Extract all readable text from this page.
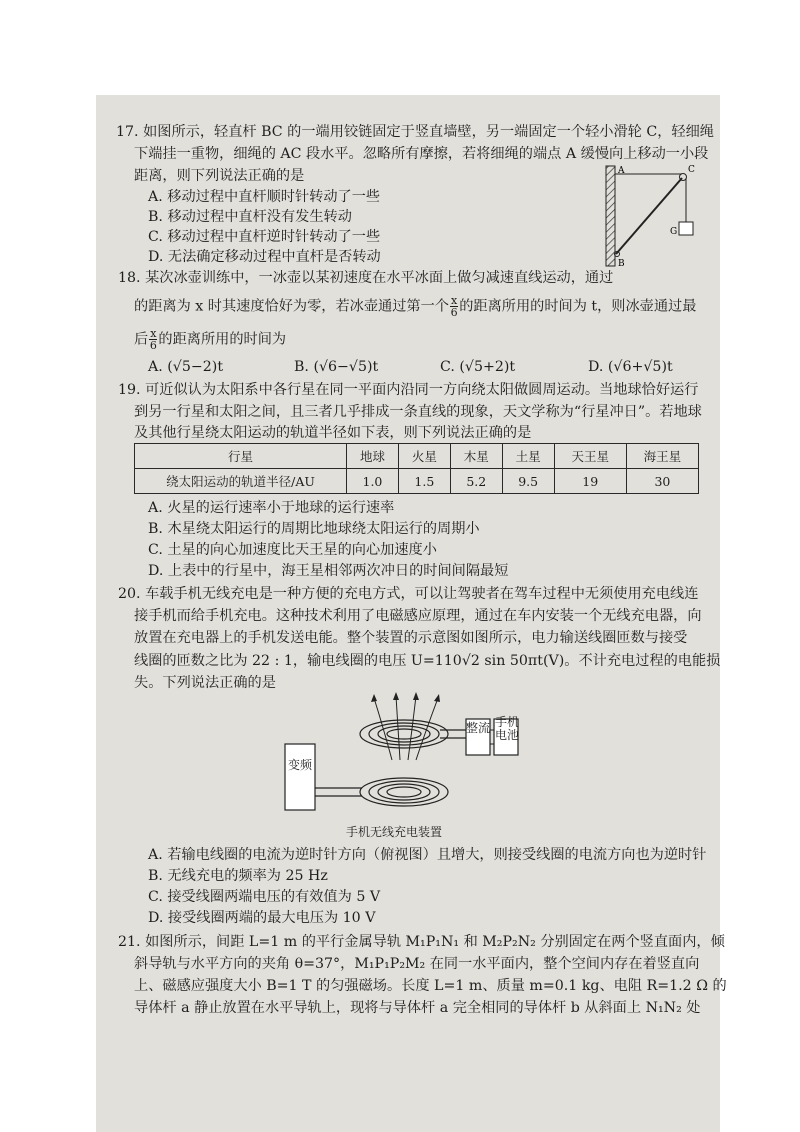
17. 如图所示，轻直杆 BC 的一端用铰链固定于竖直墙壁，另一端固定一个轻小滑轮 C，轻细绳
下端挂一重物，细绳的 AC 段水平。忽略所有摩擦，若将细绳的端点 A 缓慢向上移动一小段
距离，则下列说法正确的是
A. 移动过程中直杆顺时针转动了一些
B. 移动过程中直杆没有发生转动
C. 移动过程中直杆逆时针转动了一些
D. 无法确定移动过程中直杆是否转动
A
B
C
G
18. 某次冰壶训练中，一冰壶以某初速度在水平冰面上做匀减速直线运动，通过
的距离为 x 时其速度恰好为零，若冰壶通过第一个 $\frac{x}{6}$ 的距离所用的时间为 t，则冰壶通过最
后 $\frac{x}{6}$ 的距离所用的时间为
A. (√5−2)t	B. (√6−√5)t	C. (√5+2)t	D. (√6+√5)t
19. 可近似认为太阳系中各行星在同一平面内沿同一方向绕太阳做圆周运动。当地球恰好运行
到另一行星和太阳之间，且三者几乎排成一条直线的现象，天文学称为“行星冲日”。若地球
及其他行星绕太阳运动的轨道半径如下表，则下列说法正确的是
行星	地球	火星	木星	土星	天王星	海王星
绕太阳运动的轨道半径/AU	1.0	1.5	5.2	9.5	19	30
A. 火星的运行速率小于地球的运行速率
B. 木星绕太阳运行的周期比地球绕太阳运行的周期小
C. 土星的向心加速度比天王星的向心加速度小
D. 上表中的行星中，海王星相邻两次冲日的时间间隔最短
20. 车载手机无线充电是一种方便的充电方式，可以让驾驶者在驾车过程中无须使用充电线连
接手机而给手机充电。这种技术利用了电磁感应原理，通过在车内安装一个无线充电器，向
放置在充电器上的手机发送电能。整个装置的示意图如图所示，电力输送线圈匝数与接受
线圈的匝数之比为 22 : 1，输电线圈的电压 U=110√2 sin 50πt(V)。不计充电过程的电能损
失。下列说法正确的是
整流 手机电池
变频
手机无线充电装置
A. 若输电线圈的电流为逆时针方向（俯视图）且增大，则接受线圈的电流方向也为逆时针
B. 无线充电的频率为 25 Hz
C. 接受线圈两端电压的有效值为 5 V
D. 接受线圈两端的最大电压为 10 V
21. 如图所示，间距 L=1 m 的平行金属导轨 M₁P₁N₁ 和 M₂P₂N₂ 分别固定在两个竖直面内，倾
斜导轨与水平方向的夹角 θ=37°，M₁P₁P₂M₂ 在同一水平面内，整个空间内存在着竖直向
上、磁感应强度大小 B=1 T 的匀强磁场。长度 L=1 m、质量 m=0.1 kg、电阻 R=1.2 Ω 的
导体杆 a 静止放置在水平导轨上，现将与导体杆 a 完全相同的导体杆 b 从斜面上 N₁N₂ 处
